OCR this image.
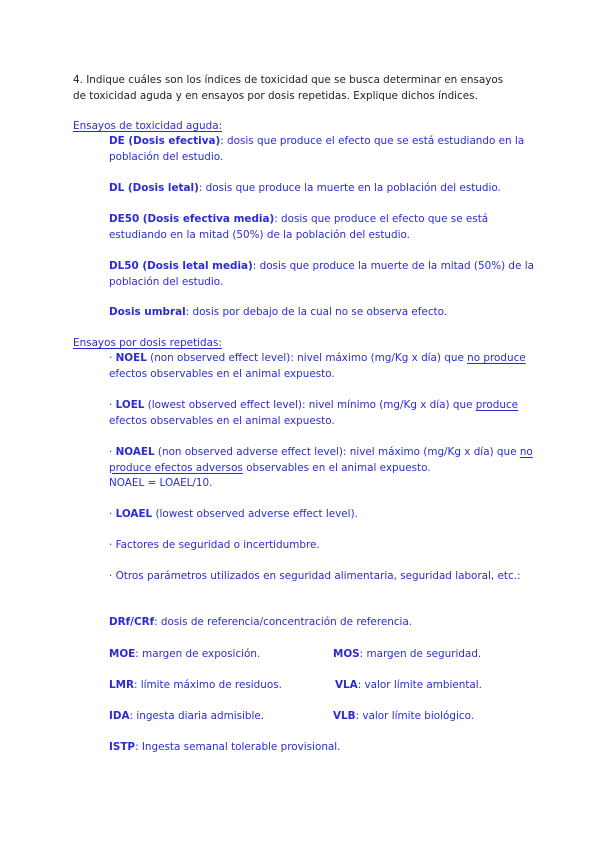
4. Indique cuáles son los índices de toxicidad que se busca determinar en ensayos
de toxicidad aguda y en ensayos por dosis repetidas. Explique dichos índices.
Ensayos de toxicidad aguda:
DE (Dosis efectiva): dosis que produce el efecto que se está estudiando en la población del estudio.
DL (Dosis letal): dosis que produce la muerte en la población del estudio.
DE50 (Dosis efectiva media): dosis que produce el efecto que se está estudiando en la mitad (50%) de la población del estudio.
DL50 (Dosis letal media): dosis que produce la muerte de la mitad (50%) de la población del estudio.
Dosis umbral: dosis por debajo de la cual no se observa efecto.
Ensayos por dosis repetidas:
· NOEL (non observed effect level): nivel máximo (mg/Kg x día) que no produce efectos observables en el animal expuesto.
· LOEL (lowest observed effect level): nivel mínimo (mg/Kg x día) que produce efectos observables en el animal expuesto.
· NOAEL (non observed adverse effect level): nivel máximo (mg/Kg x día) que no produce efectos adversos observables en el animal expuesto.
NOAEL = LOAEL/10.
· LOAEL (lowest observed adverse effect level).
· Factores de seguridad o incertidumbre.
· Otros parámetros utilizados en seguridad alimentaria, seguridad laboral, etc.:
DRf/CRf: dosis de referencia/concentración de referencia.
MOE: margen de exposición.	MOS: margen de seguridad.
LMR: límite máximo de residuos.	VLA: valor límite ambiental.
IDA: ingesta diaria admisible.	VLB: valor límite biológico.
ISTP: Ingesta semanal tolerable provisional.
